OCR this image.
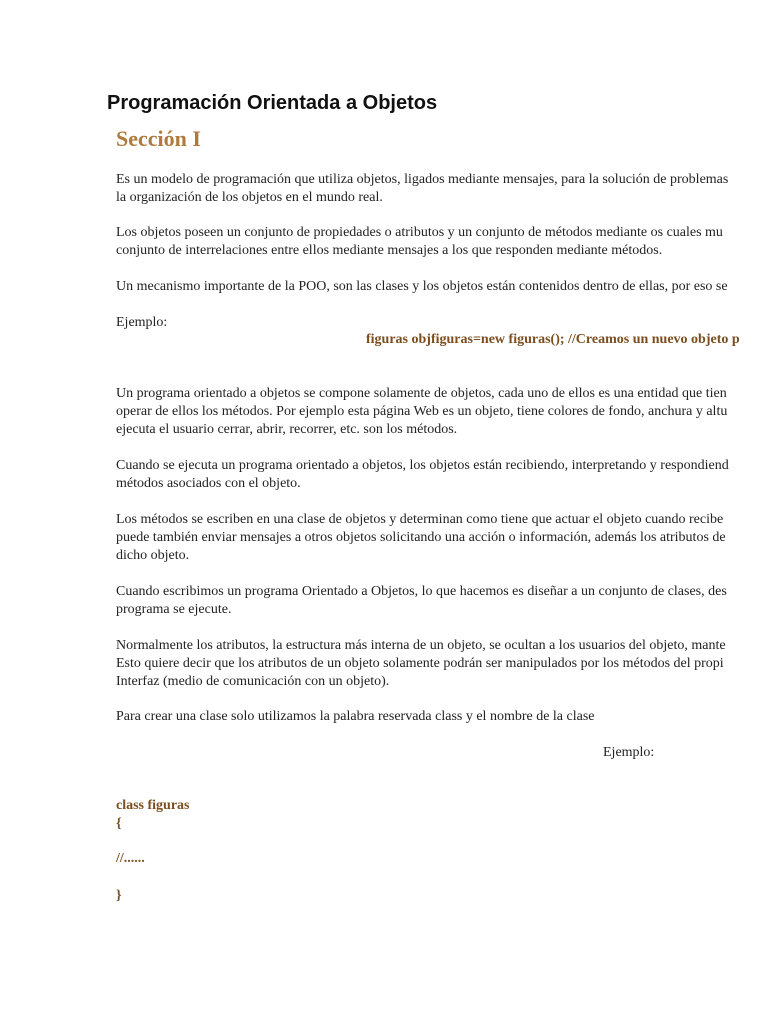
Programación Orientada a Objetos
Sección I
Es un modelo de programación que utiliza objetos, ligados mediante mensajes, para la solución de problemas
la organización de los objetos en el mundo real.
Los objetos poseen un conjunto de propiedades o atributos y un conjunto de métodos mediante os cuales mu
conjunto de interrelaciones entre ellos mediante mensajes a los que responden mediante métodos.
Un mecanismo importante de la POO, son las clases y los objetos están contenidos dentro de ellas, por eso se
Ejemplo:
figuras objfiguras=new figuras(); //Creamos un nuevo objeto p
Un programa orientado a objetos se compone solamente de objetos, cada uno de ellos es una entidad que tien
operar de ellos los métodos. Por ejemplo esta página Web es un objeto, tiene colores de fondo, anchura y altu
ejecuta el usuario cerrar, abrir, recorrer, etc. son los métodos.
Cuando se ejecuta un programa orientado a objetos, los objetos están recibiendo, interpretando y respondiend
métodos asociados con el objeto.
Los métodos se escriben en una clase de objetos y determinan como tiene que actuar el objeto cuando recibe
puede también enviar mensajes a otros objetos solicitando una acción o información, además los atributos de
dicho objeto.
Cuando escribimos un programa Orientado a Objetos, lo que hacemos es diseñar a un conjunto de clases, des
programa se ejecute.
Normalmente los atributos, la estructura más interna de un objeto, se ocultan a los usuarios del objeto, mante
Esto quiere decir que los atributos de un objeto solamente podrán ser manipulados por los métodos del propi
Interfaz (medio de comunicación con un objeto).
Para crear una clase solo utilizamos la palabra reservada class y el nombre de la clase
Ejemplo:
class figuras
{
//......
}
